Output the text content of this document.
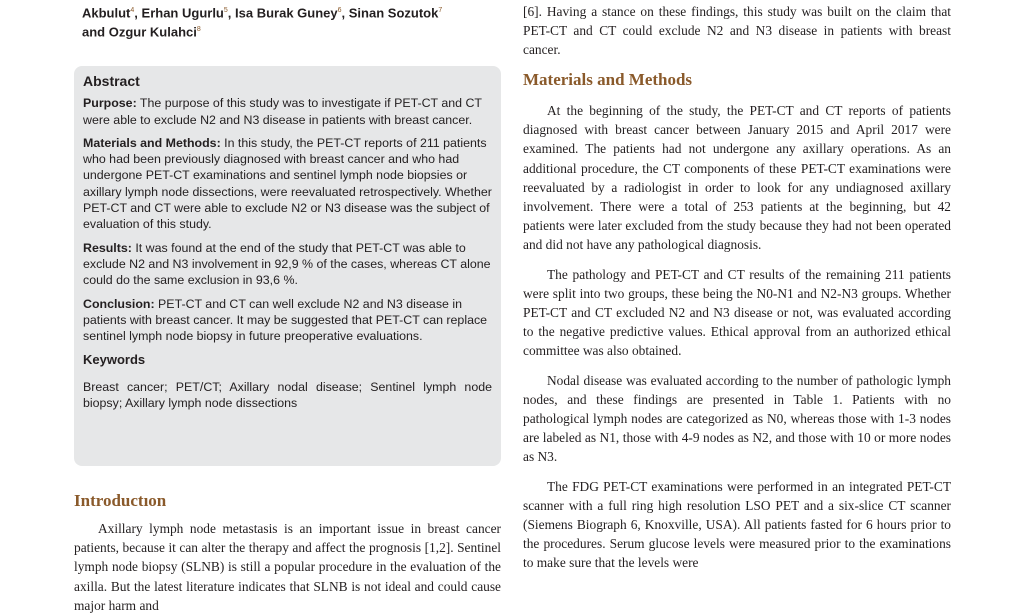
Akbulut$^4$, Erhan Ugurlu$^5$, Isa Burak Guney$^6$, Sinan Sozutok$^7$
and Ozgur Kulahci$^8$
Abstract

Purpose: The purpose of this study was to investigate if PET-CT and CT were able to exclude N2 and N3 disease in patients with breast cancer.

Materials and Methods: In this study, the PET-CT reports of 211 patients who had been previously diagnosed with breast cancer and who had undergone PET-CT examinations and sentinel lymph node biopsies or axillary lymph node dissections, were reevaluated retrospectively. Whether PET-CT and CT were able to exclude N2 or N3 disease was the subject of evaluation of this study.

Results: It was found at the end of the study that PET-CT was able to exclude N2 and N3 involvement in 92,9 % of the cases, whereas CT alone could do the same exclusion in 93,6 %.

Conclusion: PET-CT and CT can well exclude N2 and N3 disease in patients with breast cancer. It may be suggested that PET-CT can replace sentinel lymph node biopsy in future preoperative evaluations.

Keywords

Breast cancer; PET/CT; Axillary nodal disease; Sentinel lymph node biopsy; Axillary lymph node dissections

Introductıon

Axillary lymph node metastasis is an important issue in breast cancer patients, because it can alter the therapy and affect the prognosis [1,2]. Sentinel lymph node biopsy (SLNB) is still a popular procedure in the evaluation of the axilla. But the latest literature indicates that SLNB is not ideal and could cause major harm and

[6]. Having a stance on these findings, this study was built on the claim that PET-CT and CT could exclude N2 and N3 disease in patients with breast cancer.

Materials and Methods

At the beginning of the study, the PET-CT and CT reports of patients diagnosed with breast cancer between January 2015 and April 2017 were examined. The patients had not undergone any axillary operations. As an additional procedure, the CT components of these PET-CT examinations were reevaluated by a radiologist in order to look for any undiagnosed axillary involvement. There were a total of 253 patients at the beginning, but 42 patients were later excluded from the study because they had not been operated and did not have any pathological diagnosis.

The pathology and PET-CT and CT results of the remaining 211 patients were split into two groups, these being the N0-N1 and N2-N3 groups. Whether PET-CT and CT excluded N2 and N3 disease or not, was evaluated according to the negative predictive values. Ethical approval from an authorized ethical committee was also obtained.

Nodal disease was evaluated according to the number of pathologic lymph nodes, and these findings are presented in Table 1. Patients with no pathological lymph nodes are categorized as N0, whereas those with 1-3 nodes are labeled as N1, those with 4-9 nodes as N2, and those with 10 or more nodes as N3.

The FDG PET-CT examinations were performed in an integrated PET-CT scanner with a full ring high resolution LSO PET and a six-slice CT scanner (Siemens Biograph 6, Knoxville, USA). All patients fasted for 6 hours prior to the procedures. Serum glucose levels were measured prior to the examinations to make sure that the levels were
